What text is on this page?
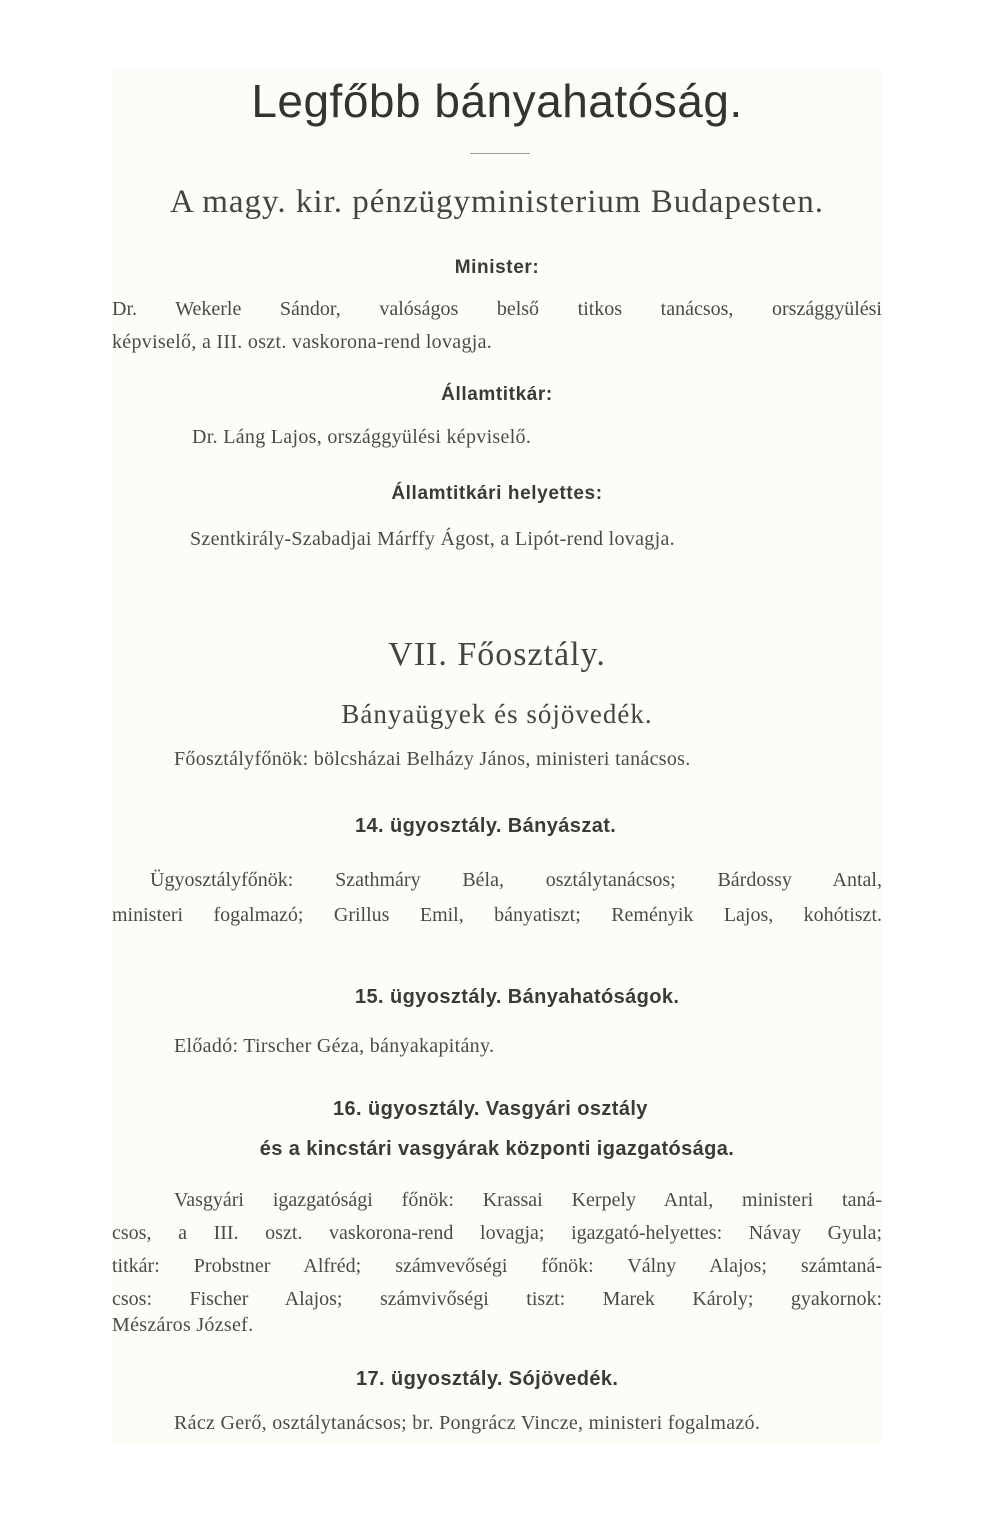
Legfőbb bányahatóság.
A magy. kir. pénzügyministerium Budapesten.
Minister:
Dr. Wekerle Sándor, valóságos belső titkos tanácsos, országgyülési
képviselő, a III. oszt. vaskorona-rend lovagja.
Államtitkár:
Dr. Láng Lajos, országgyülési képviselő.
Államtitkári helyettes:
Szentkirály-Szabadjai Márffy Ágost, a Lipót-rend lovagja.
VII. Főosztály.
Bányaügyek és sójövedék.
Főosztályfőnök: bölcsházai Belházy János, ministeri tanácsos.
14. ügyosztály. Bányászat.
Ügyosztályfőnök: Szathmáry Béla, osztálytanácsos; Bárdossy Antal,
ministeri fogalmazó; Grillus Emil, bányatiszt; Reményik Lajos, kohótiszt.
15. ügyosztály. Bányahatóságok.
Előadó: Tirscher Géza, bányakapitány.
16. ügyosztály. Vasgyári osztály
és a kincstári vasgyárak központi igazgatósága.
Vasgyári igazgatósági főnök: Krassai Kerpely Antal, ministeri taná-
csos, a III. oszt. vaskorona-rend lovagja; igazgató-helyettes: Návay Gyula;
titkár: Probstner Alfréd; számvevőségi főnök: Válny Alajos; számtaná-
csos: Fischer Alajos; számvivőségi tiszt: Marek Károly; gyakornok:
Mészáros József.
17. ügyosztály. Sójövedék.
Rácz Gerő, osztálytanácsos; br. Pongrácz Vincze, ministeri fogalmazó.
